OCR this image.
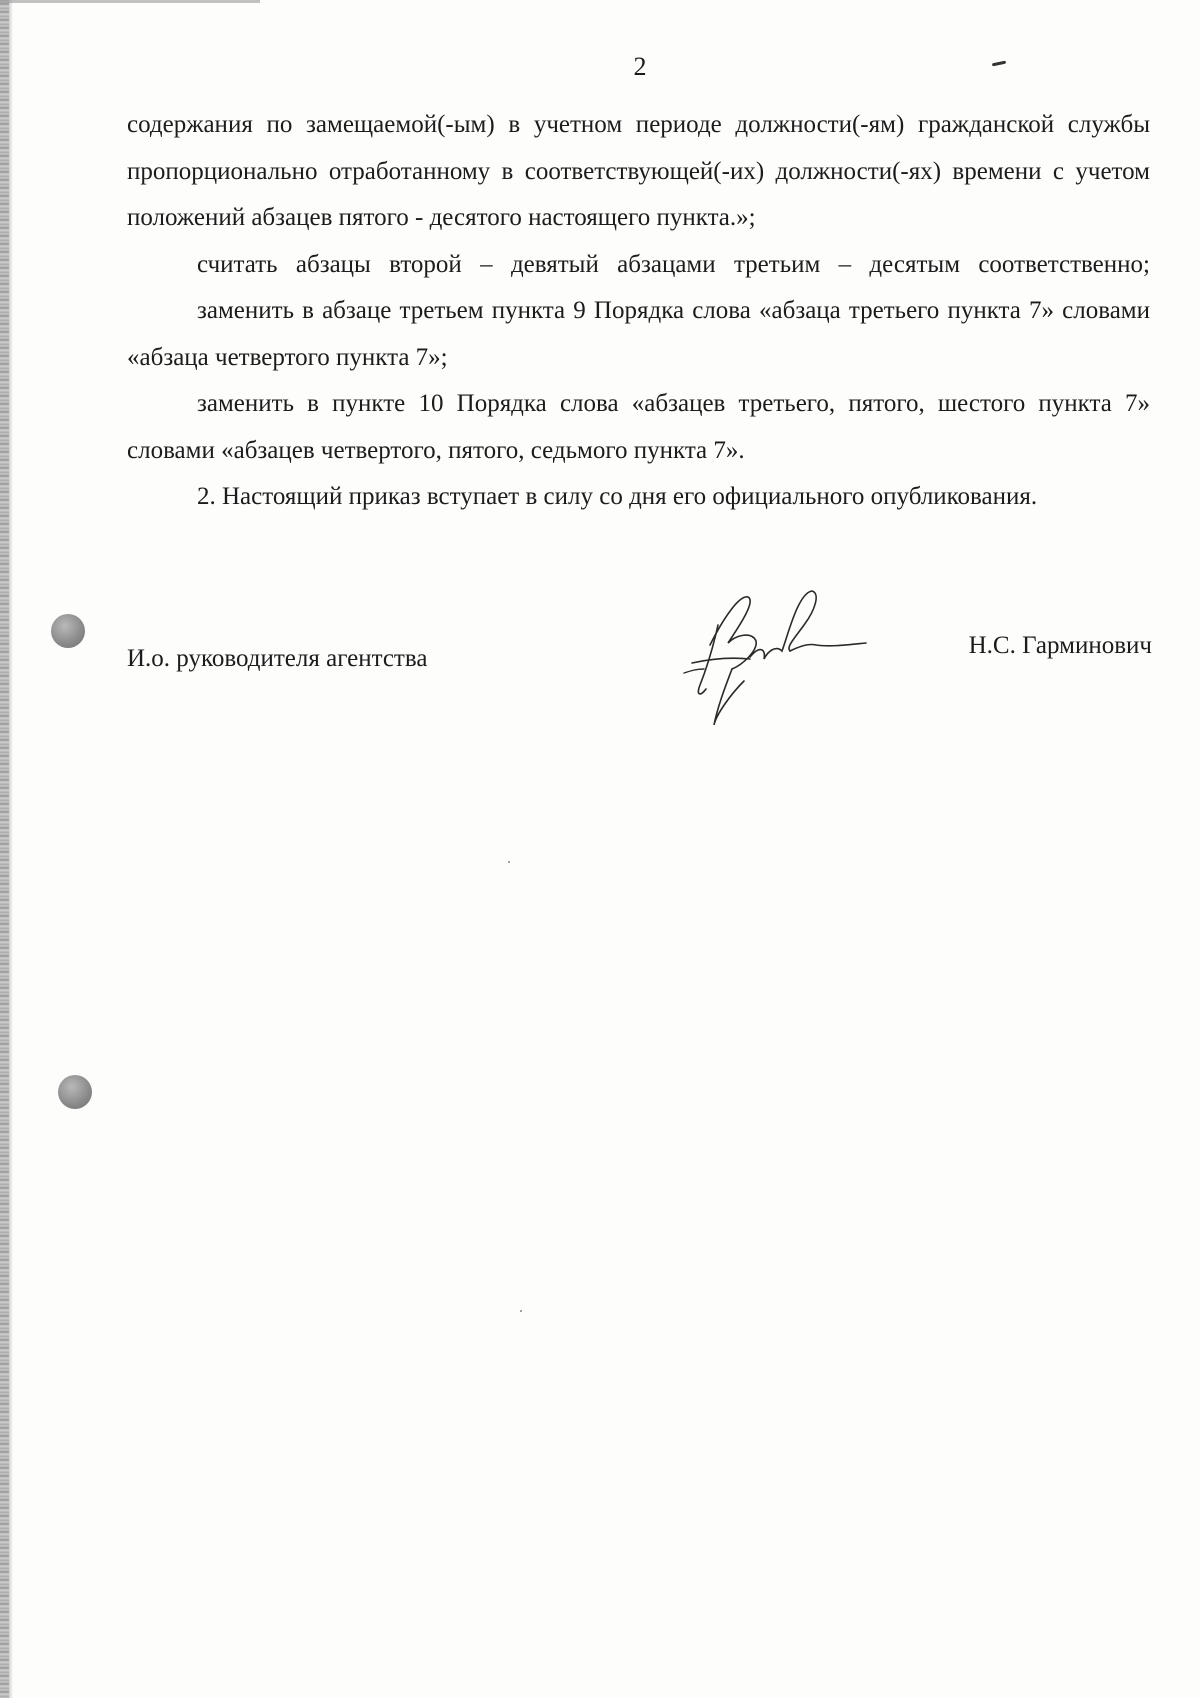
2

содержания по замещаемой(-ым) в учетном периоде должности(-ям) гражданской службы пропорционально отработанному в соответствующей(-их) должности(-ях) времени с учетом положений абзацев пятого - десятого настоящего пункта.»;

считать абзацы второй – девятый абзацами третьим – десятым соответственно;

заменить в абзаце третьем пункта 9 Порядка слова «абзаца третьего пункта 7» словами «абзаца четвертого пункта 7»;

заменить в пункте 10 Порядка слова «абзацев третьего, пятого, шестого пункта 7» словами «абзацев четвертого, пятого, седьмого пункта 7».

2. Настоящий приказ вступает в силу со дня его официального опубликования.

И.о. руководителя агентства	Н.С. Гарминович
